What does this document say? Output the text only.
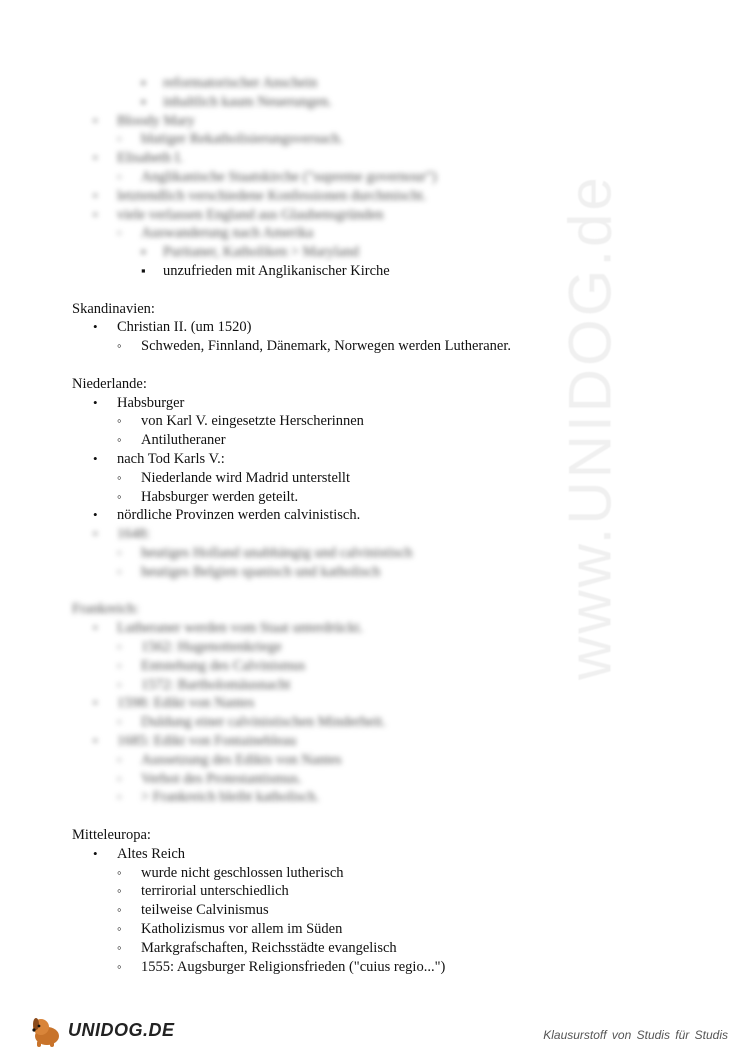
www.UNIDOG.de
▪ reformatorischer Anschein
▪ inhaltlich kaum Neuerungen.
• Bloody Mary
◦ blutiger Rekatholisierungsversuch.
• Elisabeth I.
◦ Anglikanische Staatskirche ("supreme governour")
• letztendlich verschiedene Konfessionen durchmischt.
• viele verlassen England aus Glaubensgründen
◦ Auswanderung nach Amerika
▪ Puritaner, Katholiken > Maryland
▪ unzufrieden mit Anglikanischer Kirche
Skandinavien:
• Christian II. (um 1520)
◦ Schweden, Finnland, Dänemark, Norwegen werden Lutheraner.
Niederlande:
• Habsburger
◦ von Karl V. eingesetzte Herscherinnen
◦ Antilutheraner
• nach Tod Karls V.:
◦ Niederlande wird Madrid unterstellt
◦ Habsburger werden geteilt.
• nördliche Provinzen werden calvinistisch.
• 1648:
◦ heutiges Holland unabhängig und calvinistisch
◦ heutiges Belgien spanisch und katholisch
Frankreich:
• Lutheraner werden vom Staat unterdrückt.
◦ 1562: Hugenottenkriege
◦ Entstehung des Calvinismus
◦ 1572: Bartholomäusnacht
• 1598: Edikt von Nantes
◦ Duldung einer calvinistischen Minderheit.
• 1685: Edikt von Fontainebleau
◦ Aussetzung des Edikts von Nantes
◦ Verbot des Protestantismus.
◦ > Frankreich bleibt katholisch.
Mitteleuropa:
• Altes Reich
◦ wurde nicht geschlossen lutherisch
◦ terrirorial unterschiedlich
◦ teilweise Calvinismus
◦ Katholizismus vor allem im Süden
◦ Markgrafschaften, Reichsstädte evangelisch
◦ 1555: Augsburger Religionsfrieden ("cuius regio...")
UNIDOG.DE	Klausurstoff von Studis für Studis
